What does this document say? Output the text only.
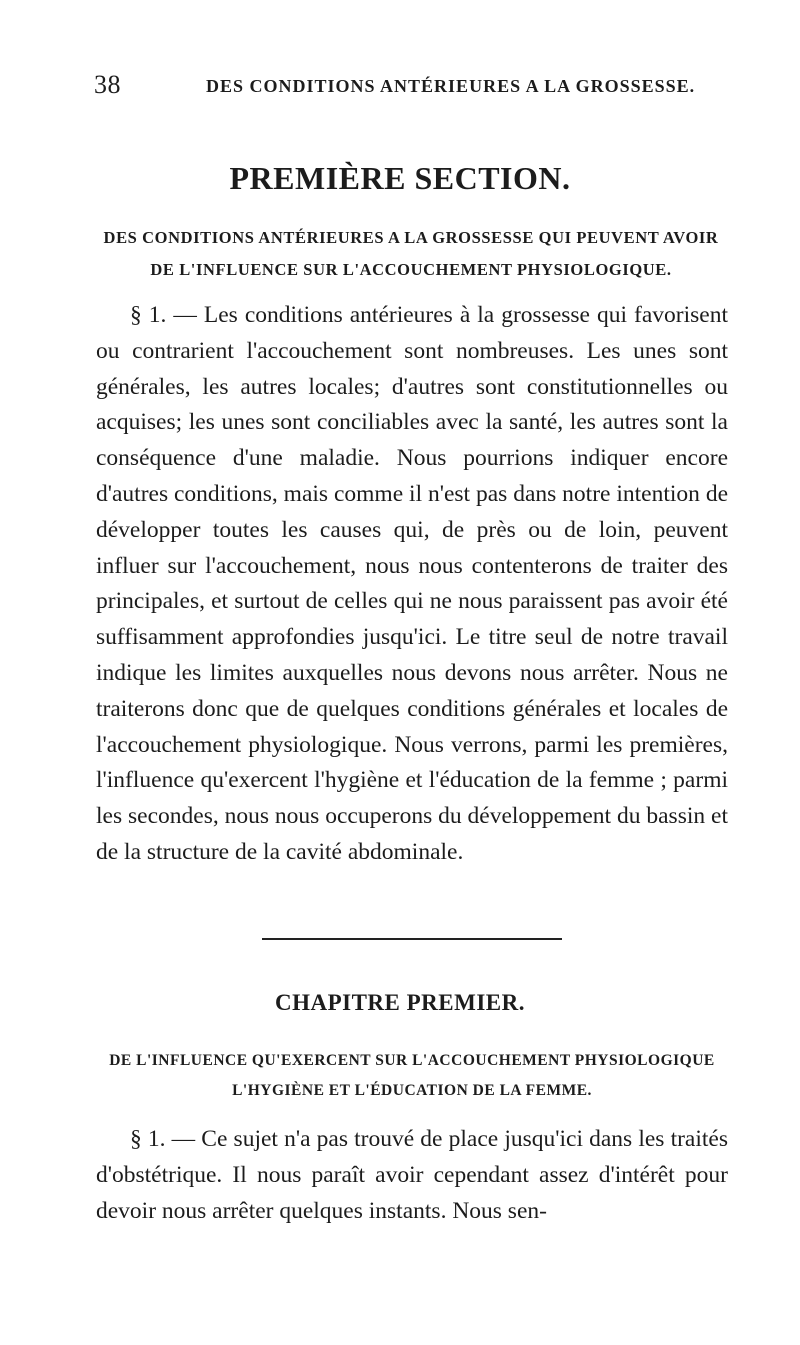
38	DES CONDITIONS ANTÉRIEURES A LA GROSSESSE.
PREMIÈRE SECTION.
DES CONDITIONS ANTÉRIEURES A LA GROSSESSE QUI PEUVENT AVOIR DE L'INFLUENCE SUR L'ACCOUCHEMENT PHYSIOLOGIQUE.

§ 1. — Les conditions antérieures à la grossesse qui favorisent ou contrarient l'accouchement sont nombreuses. Les unes sont générales, les autres locales; d'autres sont constitutionnelles ou acquises; les unes sont conciliables avec la santé, les autres sont la conséquence d'une maladie. Nous pourrions indiquer encore d'autres conditions, mais comme il n'est pas dans notre intention de développer toutes les causes qui, de près ou de loin, peuvent influer sur l'accouchement, nous nous contenterons de traiter des principales, et surtout de celles qui ne nous paraissent pas avoir été suffisamment approfondies jusqu'ici. Le titre seul de notre travail indique les limites auxquelles nous devons nous arrêter. Nous ne traiterons donc que de quelques conditions générales et locales de l'accouchement physiologique. Nous verrons, parmi les premières, l'influence qu'exercent l'hygiène et l'éducation de la femme ; parmi les secondes, nous nous occuperons du développement du bassin et de la structure de la cavité abdominale.

CHAPITRE PREMIER.
DE L'INFLUENCE QU'EXERCENT SUR L'ACCOUCHEMENT PHYSIOLOGIQUE L'HYGIÈNE ET L'ÉDUCATION DE LA FEMME.

§ 1. — Ce sujet n'a pas trouvé de place jusqu'ici dans les traités d'obstétrique. Il nous paraît avoir cependant assez d'intérêt pour devoir nous arrêter quelques instants. Nous sen-
